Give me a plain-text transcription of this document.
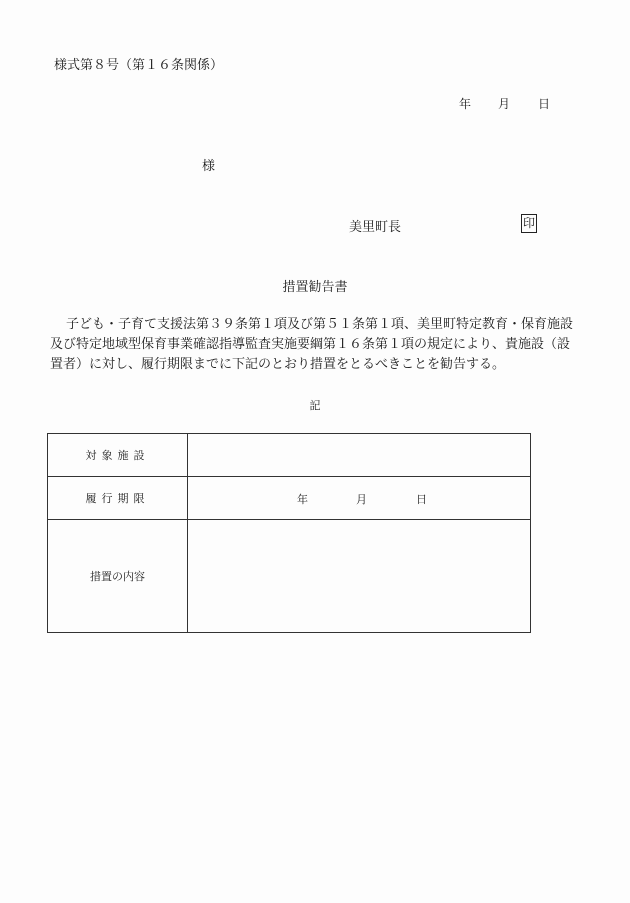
様式第８号（第１６条関係）
年 月 日
様
美里町長	印
措置勧告書
子ども・子育て支援法第３９条第１項及び第５１条第１項、美里町特定教育・保育施設及び特定地域型保育事業確認指導監査実施要綱第１６条第１項の規定により、貴施設（設置者）に対し、履行期限までに下記のとおり措置をとるべきことを勧告する。
記
対象施設	
履行期限	年 月 日

措置の内容	
